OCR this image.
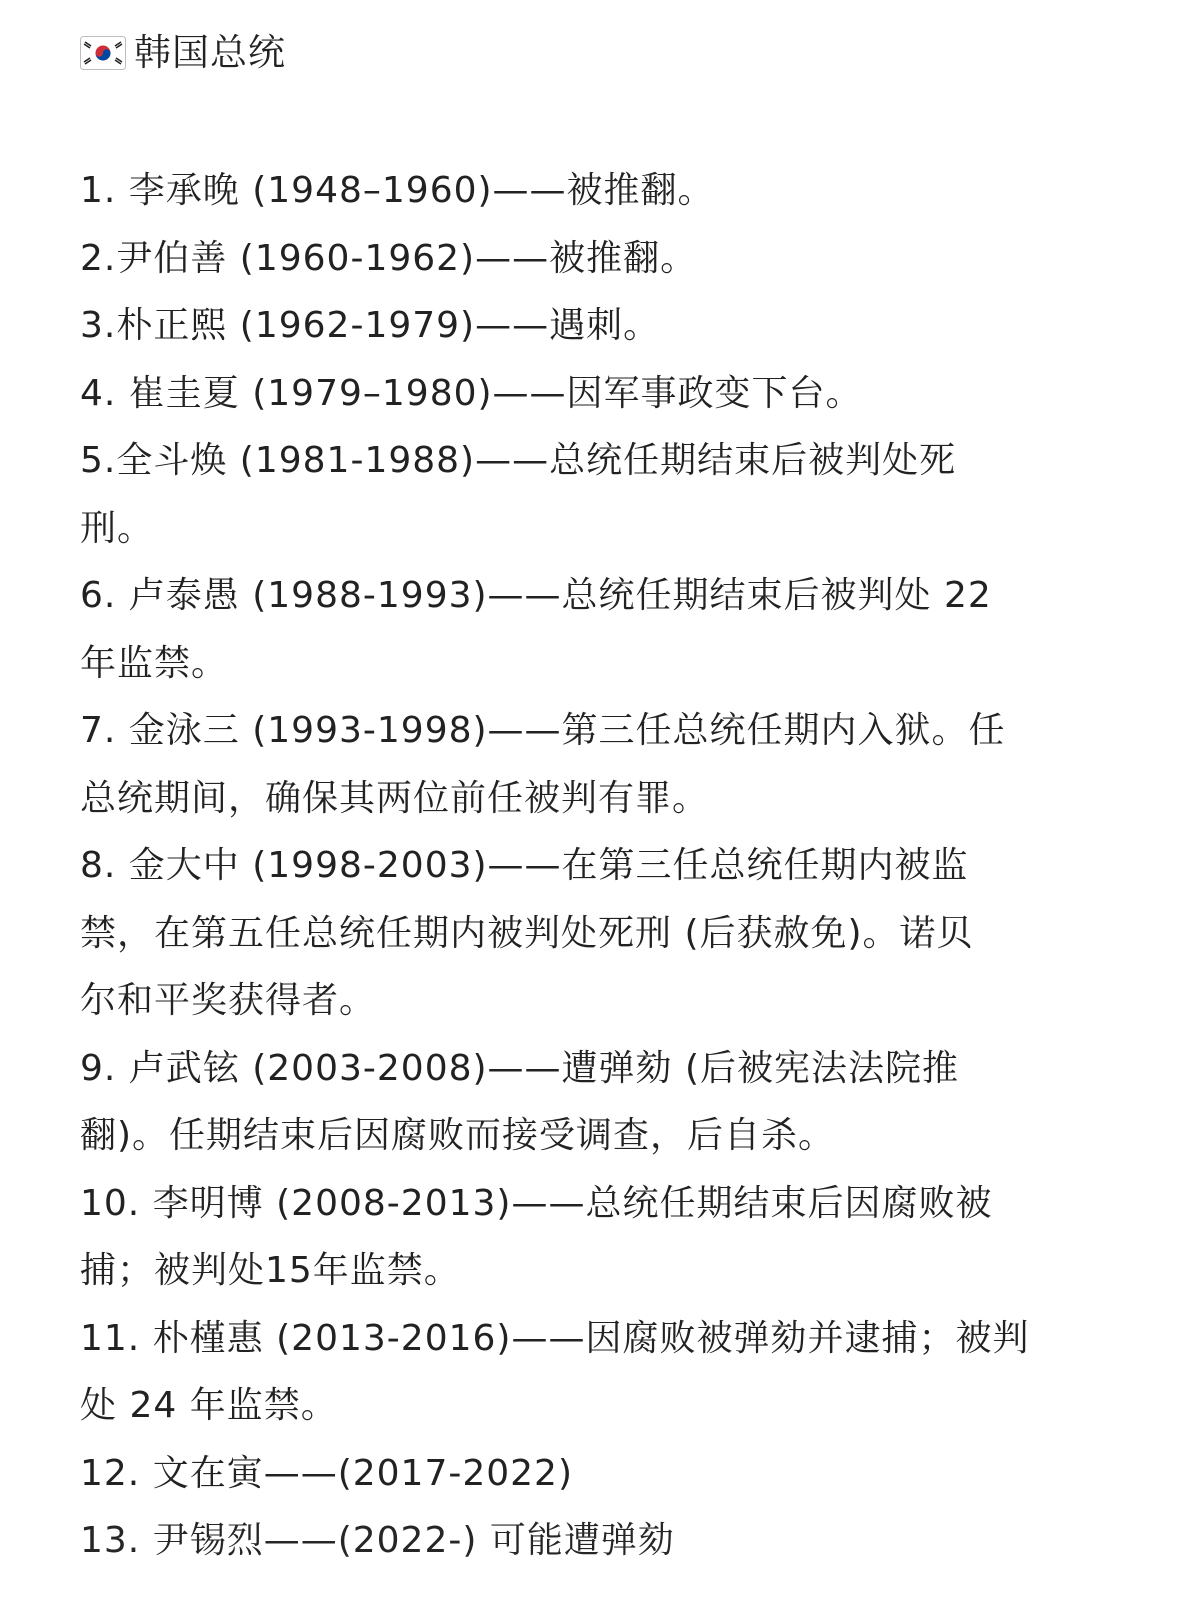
韩国总统
1. 李承晚 (1948–1960)——被推翻。
2.尹伯善 (1960-1962)——被推翻。
3.朴正熙 (1962-1979)——遇刺。
4. 崔圭夏 (1979–1980)——因军事政变下台。
5.全斗焕 (1981-1988)——总统任期结束后被判处死
刑。
6. 卢泰愚 (1988-1993)——总统任期结束后被判处 22
年监禁。
7. 金泳三 (1993-1998)——第三任总统任期内入狱。任
总统期间，确保其两位前任被判有罪。
8. 金大中 (1998-2003)——在第三任总统任期内被监
禁，在第五任总统任期内被判处死刑 (后获赦免)。诺贝
尔和平奖获得者。
9. 卢武铉 (2003-2008)——遭弹劾 (后被宪法法院推
翻)。任期结束后因腐败而接受调查，后自杀。
10. 李明博 (2008-2013)——总统任期结束后因腐败被
捕；被判处15年监禁。
11. 朴槿惠 (2013-2016)——因腐败被弹劾并逮捕；被判
处 24 年监禁。
12. 文在寅——(2017-2022)
13. 尹锡烈——(2022-) 可能遭弹劾
